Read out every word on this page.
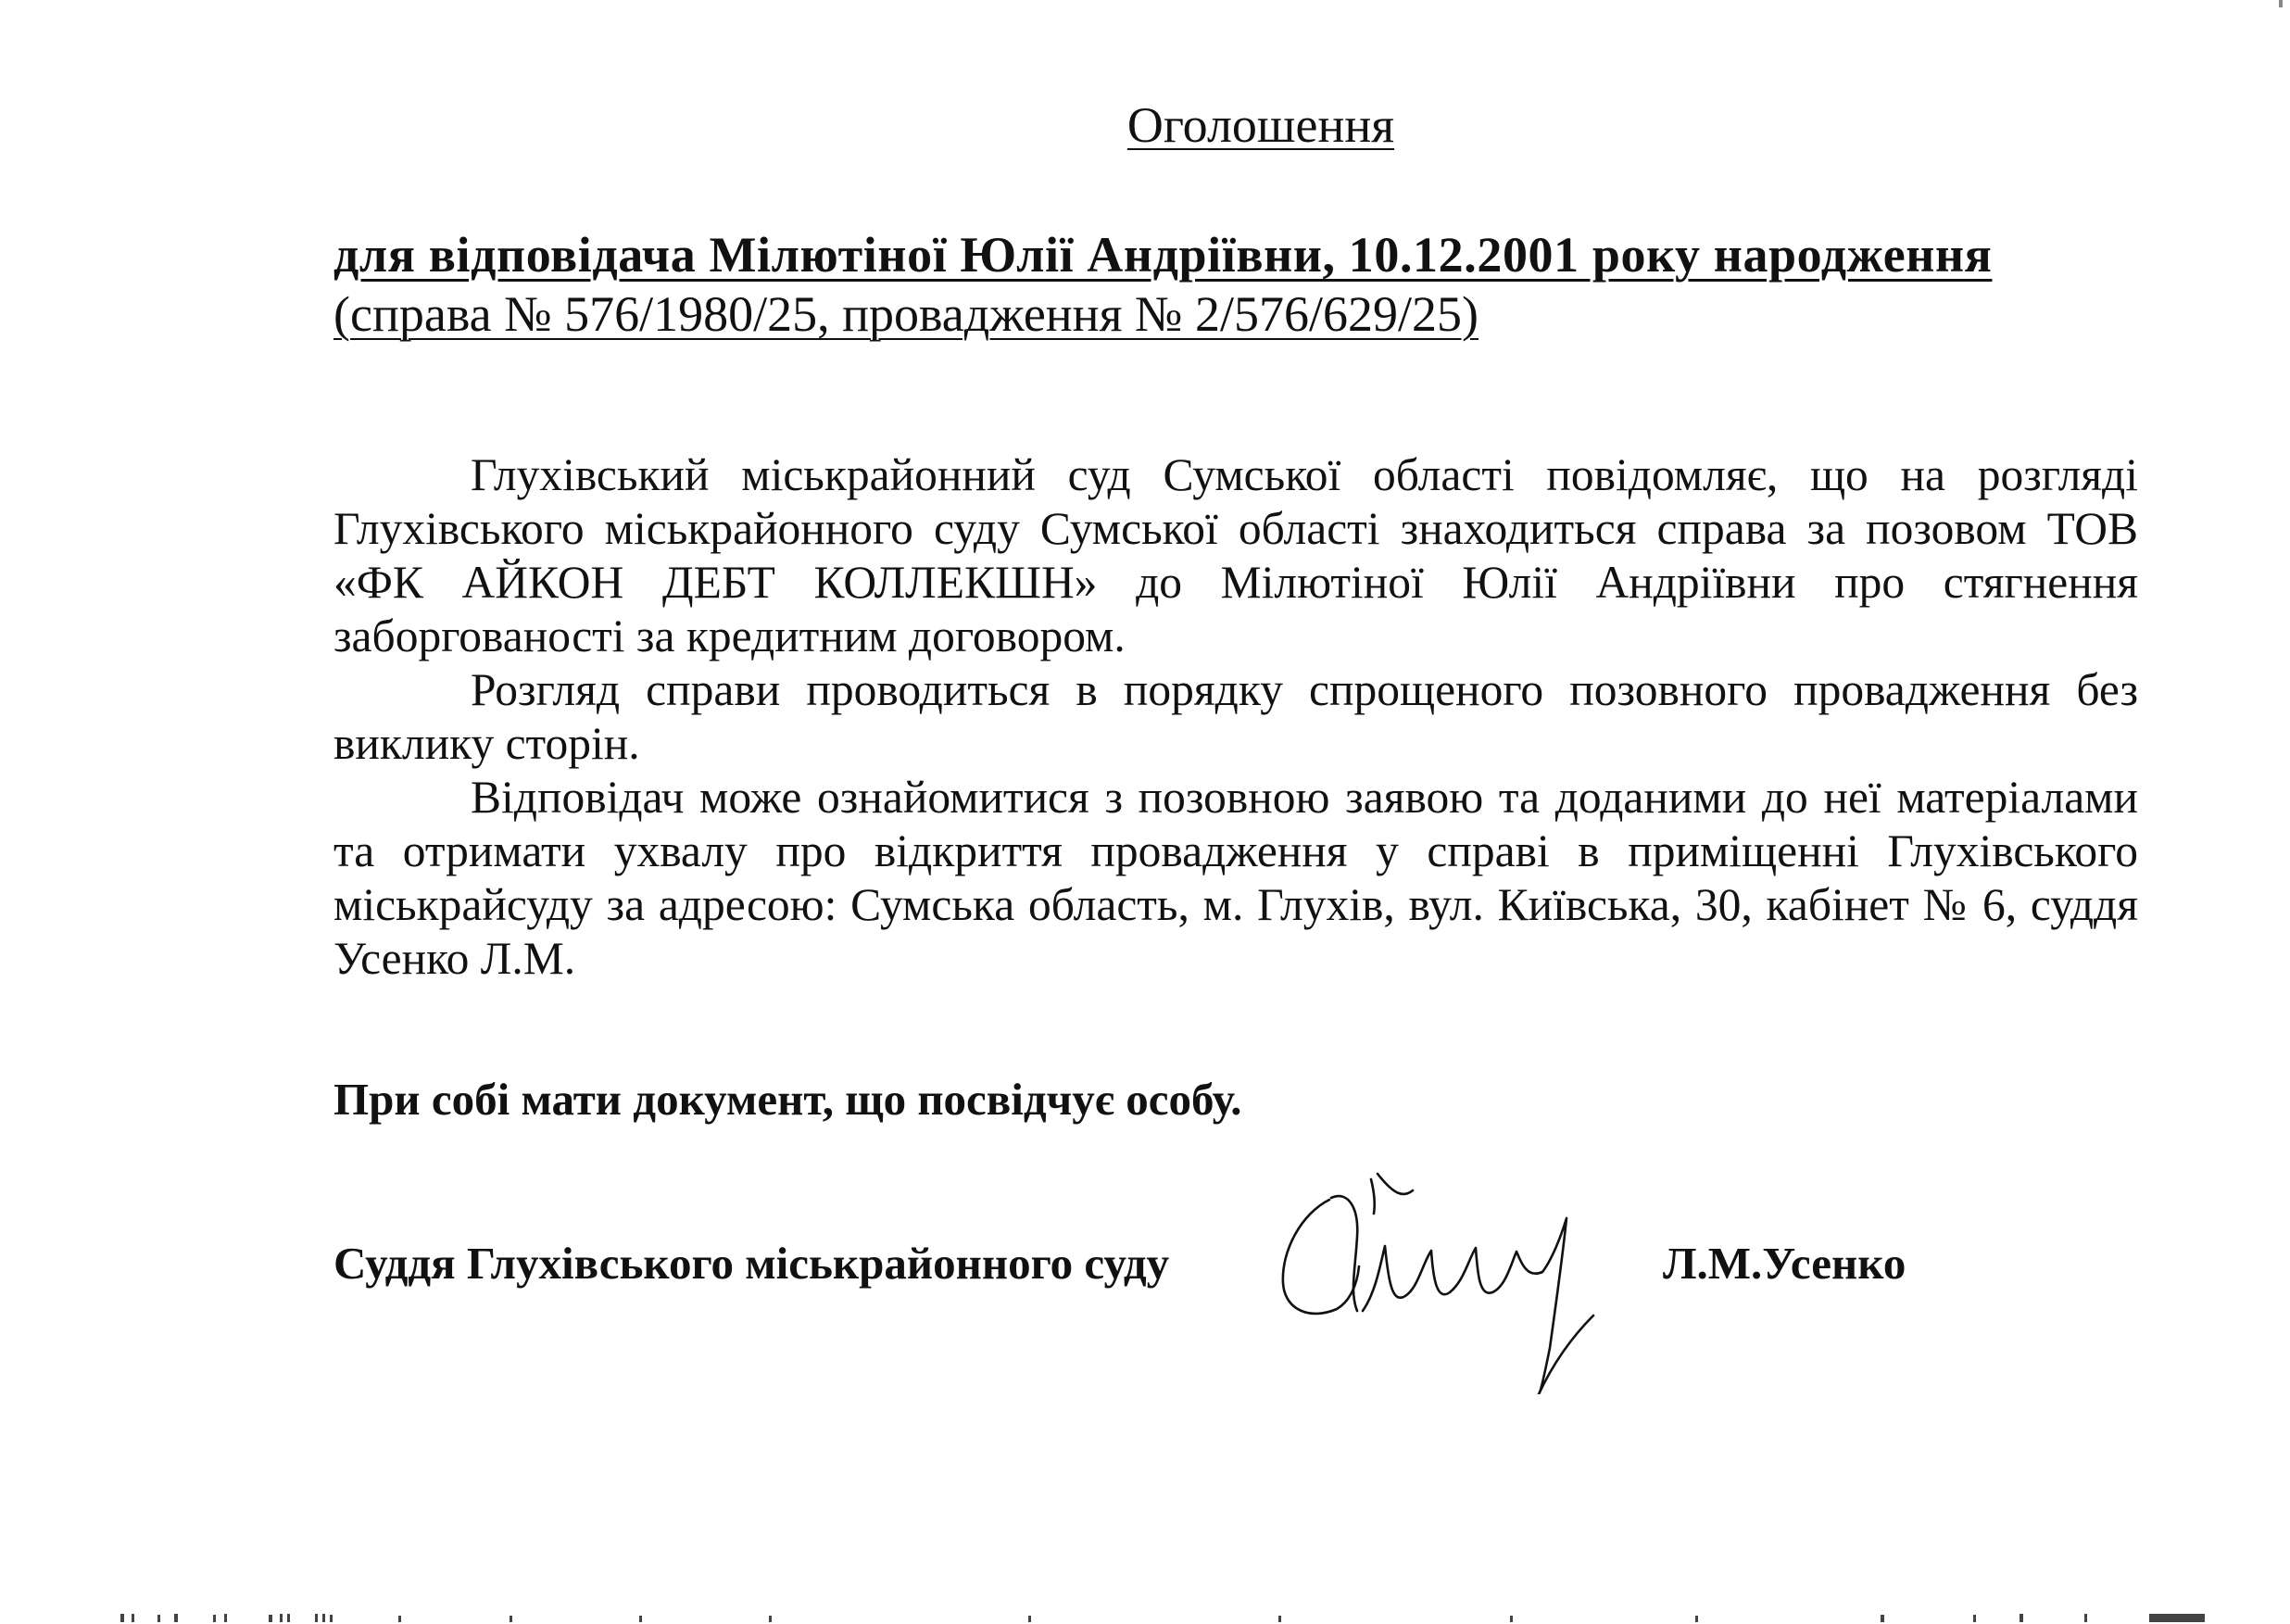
Оголошення
для відповідача Мілютіної Юлії Андріївни, 10.12.2001 року народження
(справа № 576/1980/25, провадження № 2/576/629/25)

Глухівський міськрайонний суд Сумської області повідомляє, що на розгляді Глухівського міськрайонного суду Сумської області знаходиться справа за позовом ТОВ «ФК АЙКОН ДЕБТ КОЛЛЕКШН» до Мілютіної Юлії Андріївни про стягнення заборгованості за кредитним договором.

Розгляд справи проводиться в порядку спрощеного позовного провадження без виклику сторін.

Відповідач може ознайомитися з позовною заявою та доданими до неї матеріалами та отримати ухвалу про відкриття провадження у справі в приміщенні Глухівського міськрайсуду за адресою: Сумська область, м. Глухів, вул. Київська, 30, кабінет № 6, суддя Усенко Л.М.

При собі мати документ, що посвідчує особу.
Суддя Глухівського міськрайонного суду	Л.М.Усенко
